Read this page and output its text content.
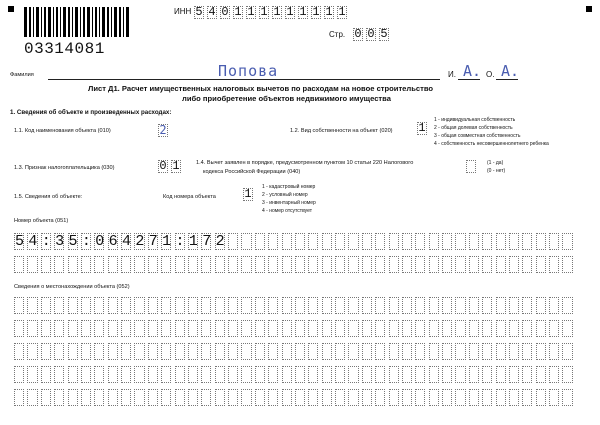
03314081
ИНН 5 4 0 1 1 1 1 1 1 1 1 1
Стр. 0 0 5
Фамилия	Попова	И. А. О. А.
Лист Д1. Расчет имущественных налоговых вычетов по расходам на новое строительство
либо приобретение объектов недвижимого имущества
1. Сведения об объекте и произведенных расходах:
1.1. Код наименования объекта (010)	2	1.2. Вид собственности на объект (020) 1
1 - индивидуальная собственность
2 - общая долевая собственность
3 - общая совместная собственность
4 - собственность несовершеннолетнего ребенка
1.3. Признак налогоплательщика (030)	0 1	1.4. Вычет заявлен в порядке, предусмотренном пунктом 10 статьи 220 Налогового
кодекса Российской Федерации (040)
(1 - да)
(0 - нет)
1.5. Сведения об объекте:	Код номера объекта 1 1 - кадастровый номер
2 - условный номер
3 - инвентарный номер
4 - номер отсутствует
Номер объекта (051)
5 4 : 3 5 : 0 6 4 2 7 1 : 1 7 2
Сведения о местонахождении объекта (052)
